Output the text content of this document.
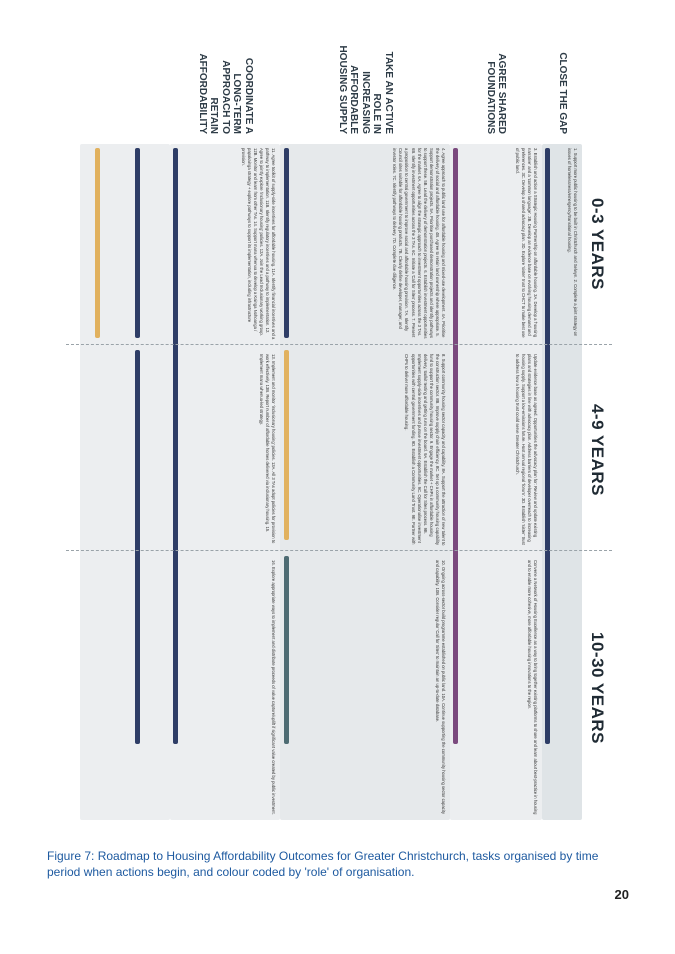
0-3 YEARS
4-9 YEARS
10-30 YEARS
CLOSE THE GAP
1. Support more public housing to be built in Christchurch and Selwyn. 2. Complete a joint strategy on issues of homelessness/emergency/transitional housing.
AGREE SHARED FOUNDATIONS
3. Establish and action a Strategic Housing Partnership on affordable housing. 3A. Develop a 'housing narrative' and a 'common language'. 3B. Develop an evidence base on evolving housing demand and preferences. 3C. Develop a shared advocacy plan. 3D. Explore 'sister' trust to CHCT to make best use of public land.
Update evidence base as agreed. Opportunities the advocacy plan for: Review and update existing plans and strategies in line with advocacy plan. Address barriers of developer overreach to increasing housing supply. Support a low-emissions future. Host annual regional 'forum'. 3D. Establish 'sister' trust to address how a housing trust could serve Greater Christchurch.
Convene a Network of Housing Excellence as a way to bring together existing platforms to share and learn about best-practice in housing and to enable more cohesive, more affordable housing innovations to the region.
TAKE AN ACTIVE ROLE IN INCREASING AFFORDABLE HOUSING SUPPLY
4. Agree approach to public land use for affordable housing and mixed-use development. 4A. Prioritise the delivery of social and affordable housing. 4B. Agree to retain land ownership where appropriate. 5. Support demonstration projects. 5A. Prioritise purchased demonstration projects and identify pathways to support these. 5B. Lead the delivery of demonstration projects. 6. Establish investment opportunities for the market. 6A. Agree to align the strategic approach to investment opportunities across the 3 TAs. 6B. Identify investment opportunities across the 3 TAs. 6C. Initiate a 'Call for Sites' process. 7. Present a proposition to central government to improve social and affordable housing provision. 7A. Identify Council sites suitable for affordable housing products. 7B. Clearly define developer, manager, and investor roles. 7C. Identify pathways to delivery. 7D. Complete due diligence.
8. Support community housing sector capacity and capability. 8A. Support the attraction of new talent to the construction sector. 8B. Improve supply chain efficiency. 8C. Set up a community housing capability fund to support the community housing sector. 9. Engage the market + CHPs in affordable housing delivery, toolkit testing and getting runs on the board. 9A. Establish the Call for Sites process. 9B. Implement supply-side incentives and pursue investment opportunities. 9C. Operationalise investment opportunities with central government funding. 9D. Establish a Community Land Trust. 9E. Partner with CHPs to deliver more affordable housing.
10. Ongoing across-sector build programme established on public land. 10A. Continue supporting the community housing sector capacity and capability. 10B. Consider regular 'Call for Sites' to maintain an up-to-date database.
COORDINATE A LONG-TERM APPROACH TO RETAIN AFFORDABILITY
11. Agree toolkit of supply-side incentives for affordable housing. 11A. Identify financial incentives and a pathway to implementation. 11B. Identify regulatory incentives and a pathway to implementation. 12. Agree to jointly explore 'inclusionary housing' policies. 12A. Join the Lead Inclusionary working group. 12B. Monitor and learn from other TAs. 14. Support mana whenua to develop a Kainga Nohoanga / papakainga strategy + explore pathways to support its implementation, including infrastructure provision.
13. Implement and monitor 'inclusionary housing' policies. 13A. All 3 TAs adopt policies for provision to work effectively. 13B. Report number of affordable homes delivered via inclusionary housing. 15. Implement mana whenua-led strategy.
16. Explore appropriate ways to implement and distribute proceeds of value capture/uplift if significant value created by public investment.
Figure 7: Roadmap to Housing Affordability Outcomes for Greater Christchurch, tasks organised by time period when actions begin, and colour coded by 'role' of organisation.
20
